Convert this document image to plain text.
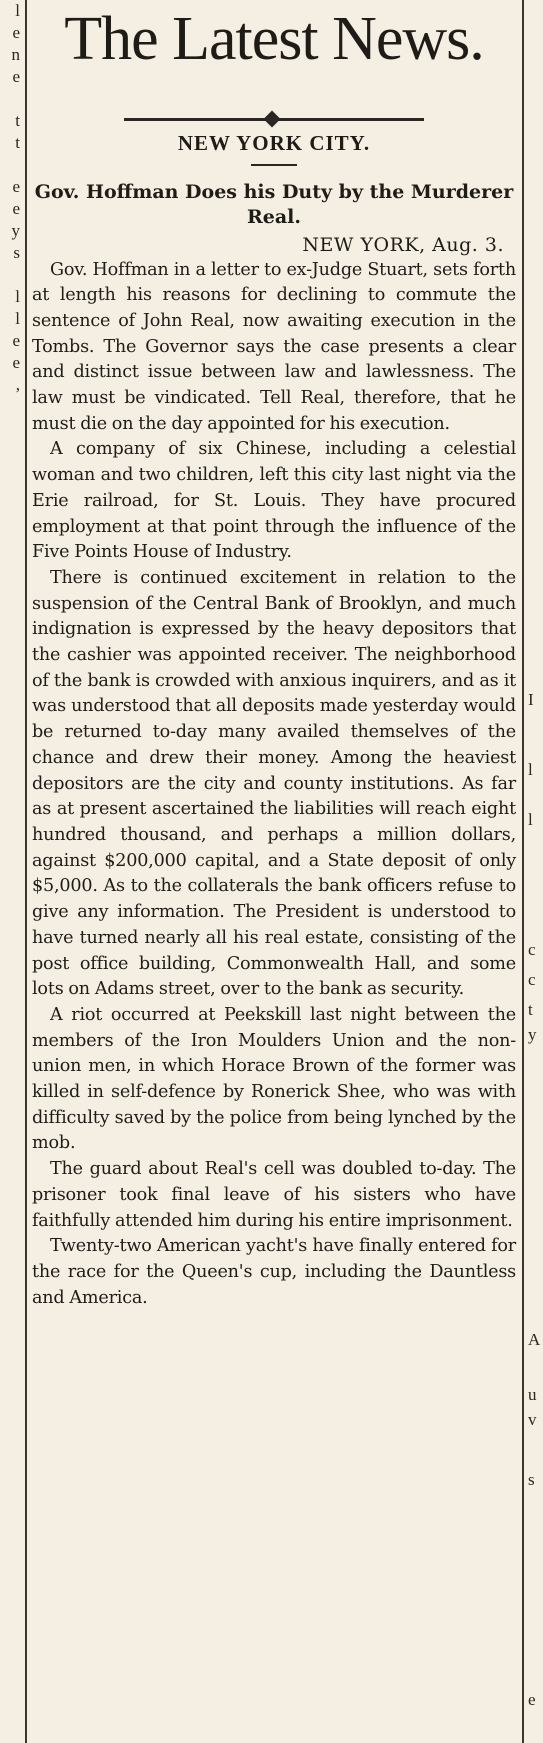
l
e
n
e
t
t
e
e
y
s
l
l
e
e
,
The Latest News.
NEW YORK CITY.
Gov. Hoffman Does his Duty by the Murderer Real.
NEW YORK, Aug. 3.

Gov. Hoffman in a letter to ex-Judge Stuart, sets forth at length his reasons for declining to commute the sentence of John Real, now awaiting execution in the Tombs. The Governor says the case presents a clear and distinct issue between law and lawlessness. The law must be vindicated. Tell Real, therefore, that he must die on the day appointed for his execution.

A company of six Chinese, including a celestial woman and two children, left this city last night via the Erie railroad, for St. Louis. They have procured employment at that point through the influence of the Five Points House of Industry.

There is continued excitement in relation to the suspension of the Central Bank of Brooklyn, and much indignation is expressed by the heavy depositors that the cashier was appointed receiver. The neighborhood of the bank is crowded with anxious inquirers, and as it was understood that all deposits made yesterday would be returned to-day many availed themselves of the chance and drew their money. Among the heaviest depositors are the city and county institutions. As far as at present ascertained the liabilities will reach eight hundred thousand, and perhaps a million dollars, against $200,000 capital, and a State deposit of only $5,000. As to the collaterals the bank officers refuse to give any information. The President is understood to have turned nearly all his real estate, consisting of the post office building, Commonwealth Hall, and some lots on Adams street, over to the bank as security.

A riot occurred at Peekskill last night between the members of the Iron Moulders Union and the non-union men, in which Horace Brown of the former was killed in self-defence by Ronerick Shee, who was with difficulty saved by the police from being lynched by the mob.

The guard about Real's cell was doubled to-day. The prisoner took final leave of his sisters who have faithfully attended him during his entire imprisonment.

Twenty-two American yacht's have finally entered for the race for the Queen's cup, including the Dauntless and America.

I
l
l
c
c
t
y
A
u
v
s
e
